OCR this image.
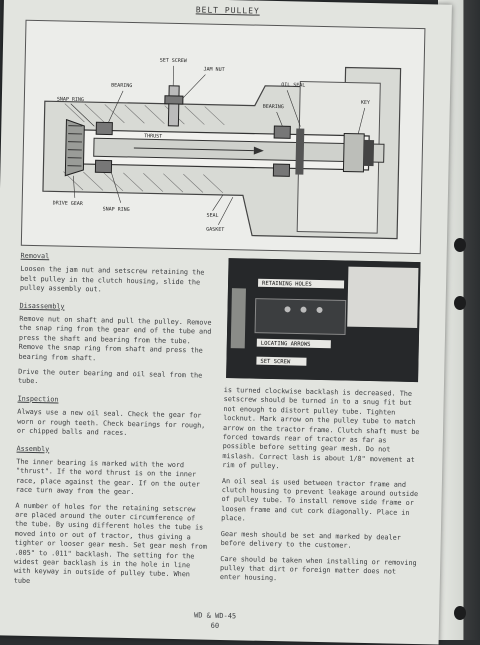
BELT PULLEY
SET SCREW
JAM NUT
OIL SEAL
BEARING
KEY
SNAP RING
BEARING
THRUST
DRIVE GEAR
SNAP RING
SEAL
GASKET
Removal

Loosen the jam nut and setscrew retaining the belt pulley in the clutch housing, slide the pulley assembly out.

Disassembly

Remove nut on shaft and pull the pulley. Remove the snap ring from the gear end of the tube and press the shaft and bearing from the tube. Remove the snap ring from shaft and press the bearing from shaft.

Drive the outer bearing and oil seal from the tube.

Inspection

Always use a new oil seal. Check the gear for worn or rough teeth. Check bearings for rough, or chipped balls and races.

Assembly

The inner bearing is marked with the word "thrust". If the word thrust is on the inner race, place against the gear. If on the outer race turn away from the gear.

A number of holes for the retaining setscrew are placed around the outer circumference of the tube. By using different holes the tube is moved into or out of tractor, thus giving a tighter or looser gear mesh. Set gear mesh from .005" to .011" backlash. The setting for the widest gear backlash is in the hole in line with keyway in outside of pulley tube. When tube

RETAINING HOLES
LOCATING ARROWS
SET SCREW

is turned clockwise backlash is decreased. The setscrew should be turned in to a snug fit but not enough to distort pulley tube. Tighten locknut. Mark arrow on the pulley tube to match arrow on the tractor frame. Clutch shaft must be forced towards rear of tractor as far as possible before setting gear mesh. Do not mislash. Correct lash is about 1/8" movement at rim of pulley.

An oil seal is used between tractor frame and clutch housing to prevent leakage around outside of pulley tube. To install remove side frame or loosen frame and cut cork diagonally. Place in place.

Gear mesh should be set and marked by dealer before delivery to the customer.

Care should be taken when installing or removing pulley that dirt or foreign matter does not enter housing.

WD & WD-45
60
